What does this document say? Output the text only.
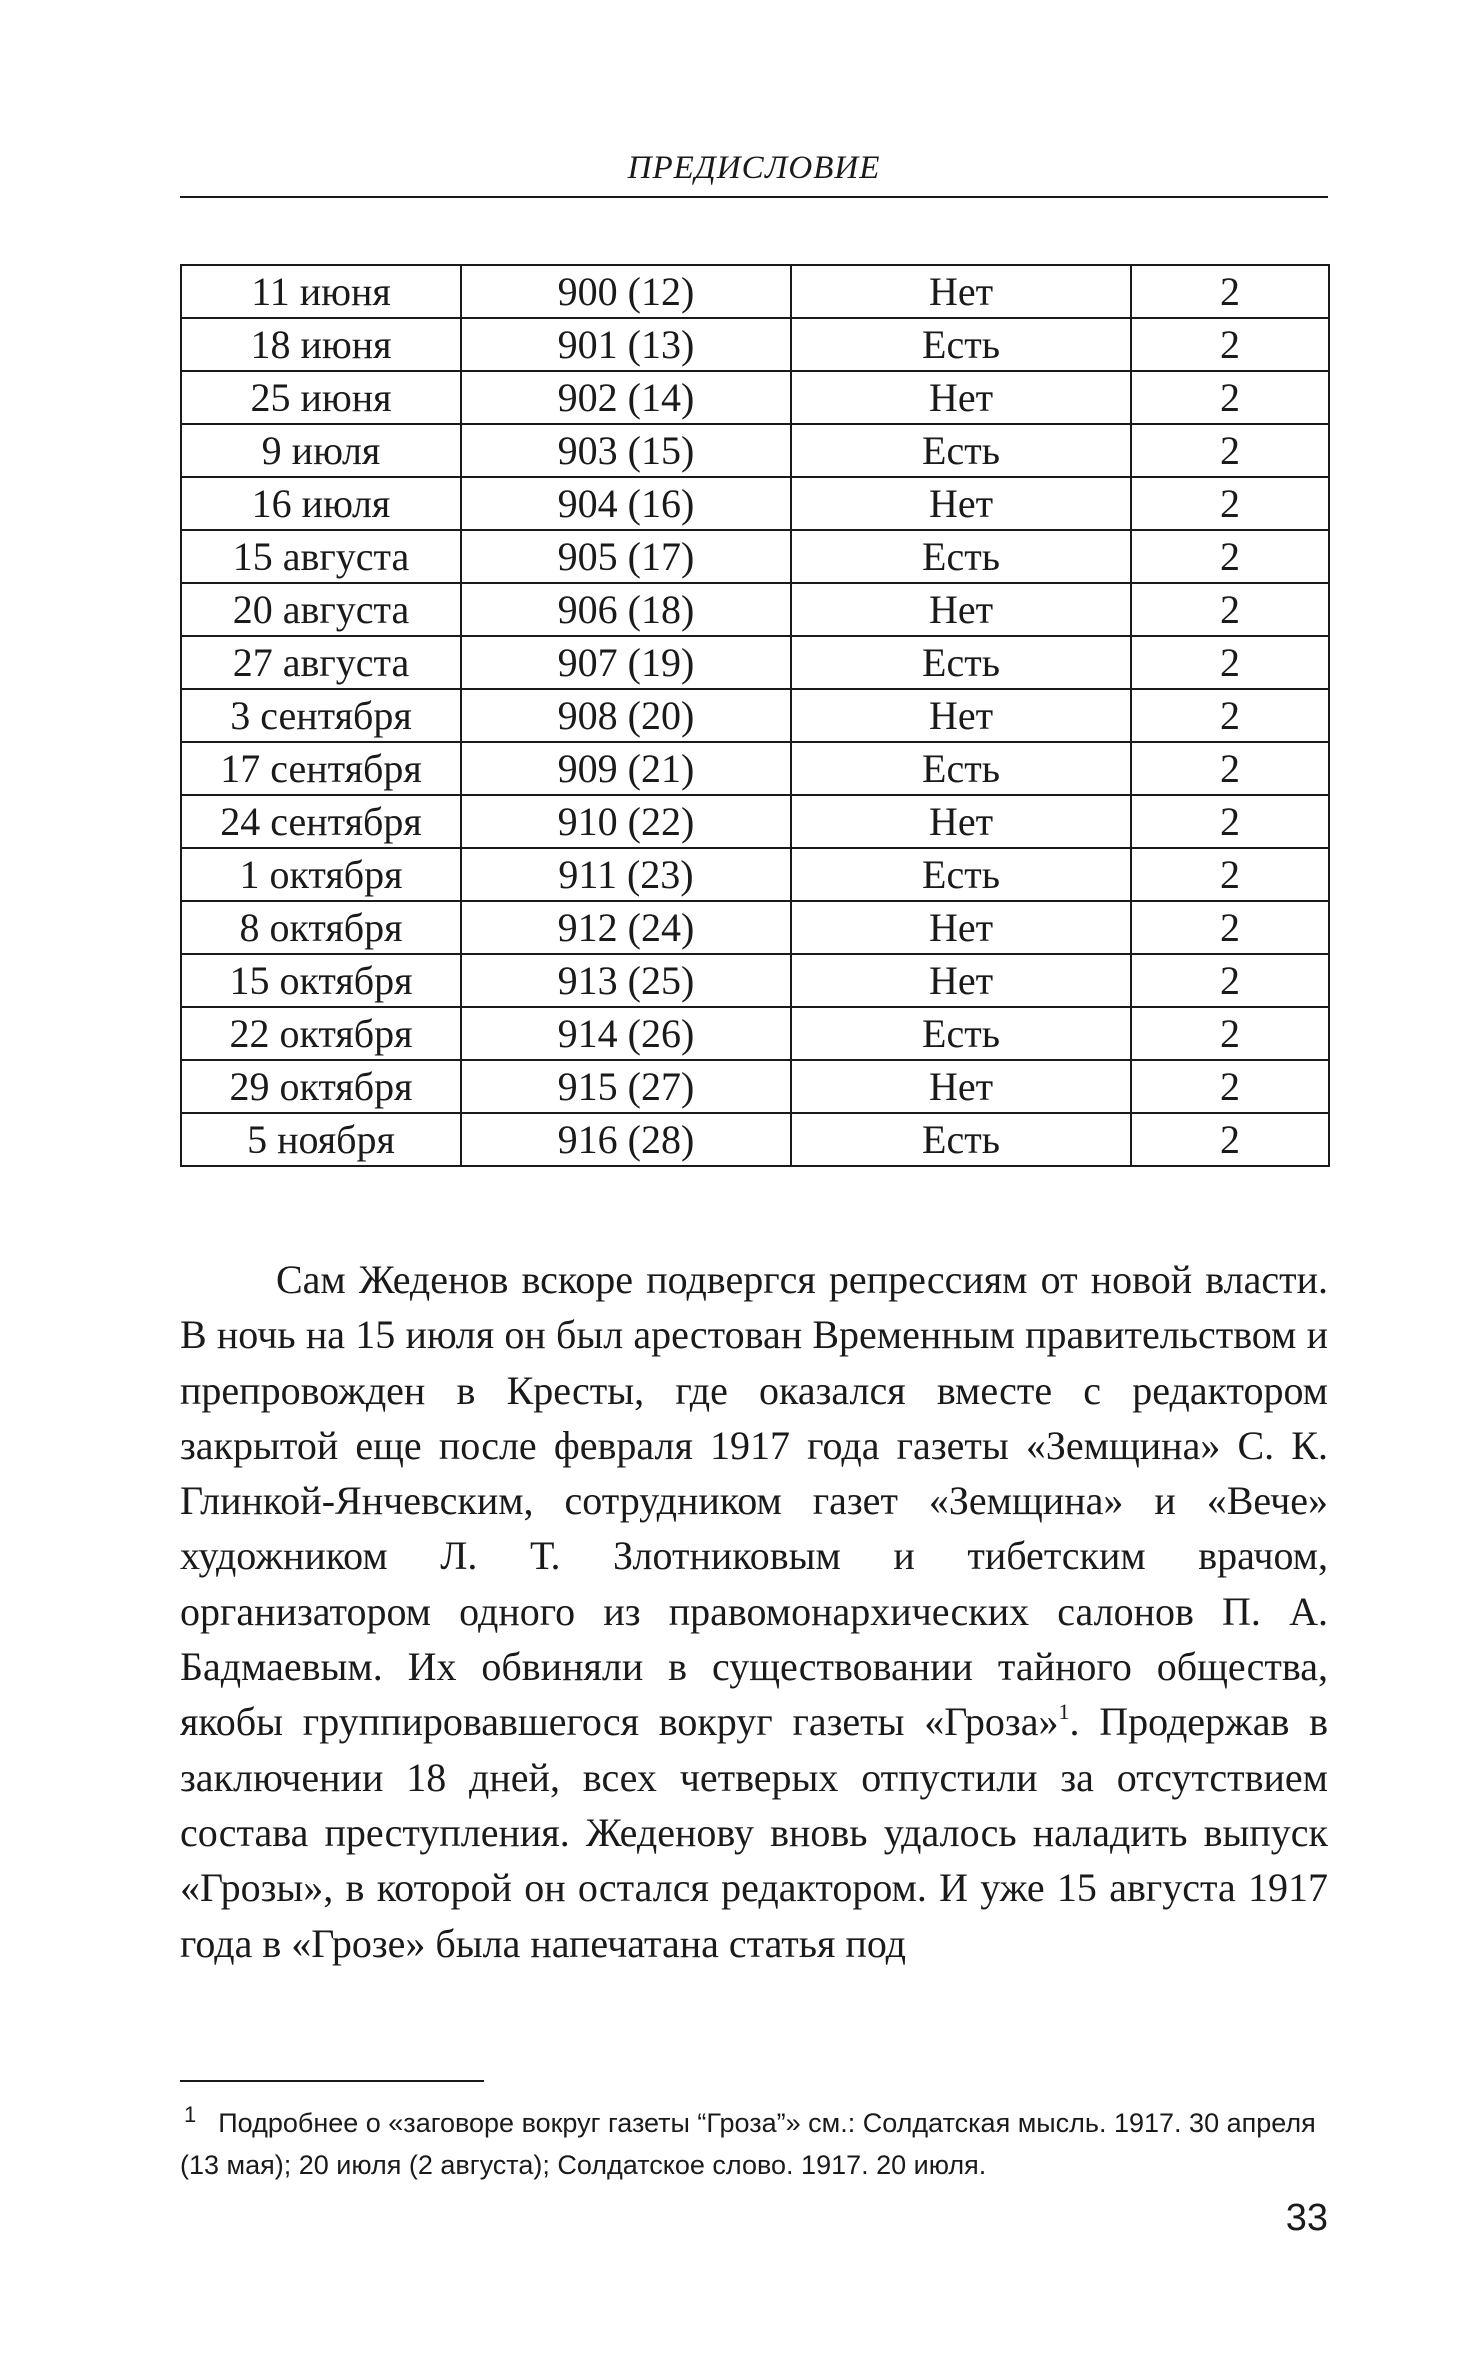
ПРЕДИСЛОВИЕ
11 июня	900 (12)	Нет	2
18 июня	901 (13)	Есть	2
25 июня	902 (14)	Нет	2
9 июля	903 (15)	Есть	2
16 июля	904 (16)	Нет	2
15 августа	905 (17)	Есть	2
20 августа	906 (18)	Нет	2
27 августа	907 (19)	Есть	2
3 сентября	908 (20)	Нет	2
17 сентября	909 (21)	Есть	2
24 сентября	910 (22)	Нет	2
1 октября	911 (23)	Есть	2
8 октября	912 (24)	Нет	2
15 октября	913 (25)	Нет	2
22 октября	914 (26)	Есть	2
29 октября	915 (27)	Нет	2
5 ноября	916 (28)	Есть	2

Сам Жеденов вскоре подвергся репрессиям от новой власти. В ночь на 15 июля он был арестован Временным правительством и препровожден в Кресты, где оказался вместе с редактором закрытой еще после февраля 1917 года газеты «Земщина» С. К. Глинкой-Янчевским, сотрудником газет «Земщина» и «Вече» художником Л. Т. Злотниковым и тибетским врачом, организатором одного из правомонархических салонов П. А. Бадмаевым. Их обвиняли в существовании тайного общества, якобы группировавшегося вокруг газеты «Гроза»$^1$. Продержав в заключении 18 дней, всех четверых отпустили за отсутствием состава преступления. Жеденову вновь удалось наладить выпуск «Грозы», в которой он остался редактором. И уже 15 августа 1917 года в «Грозе» была напечатана статья под

$^1$ Подробнее о «заговоре вокруг газеты “Гроза”» см.: Солдатская мысль. 1917. 30 апреля (13 мая); 20 июля (2 августа); Солдатское слово. 1917. 20 июля.

33
